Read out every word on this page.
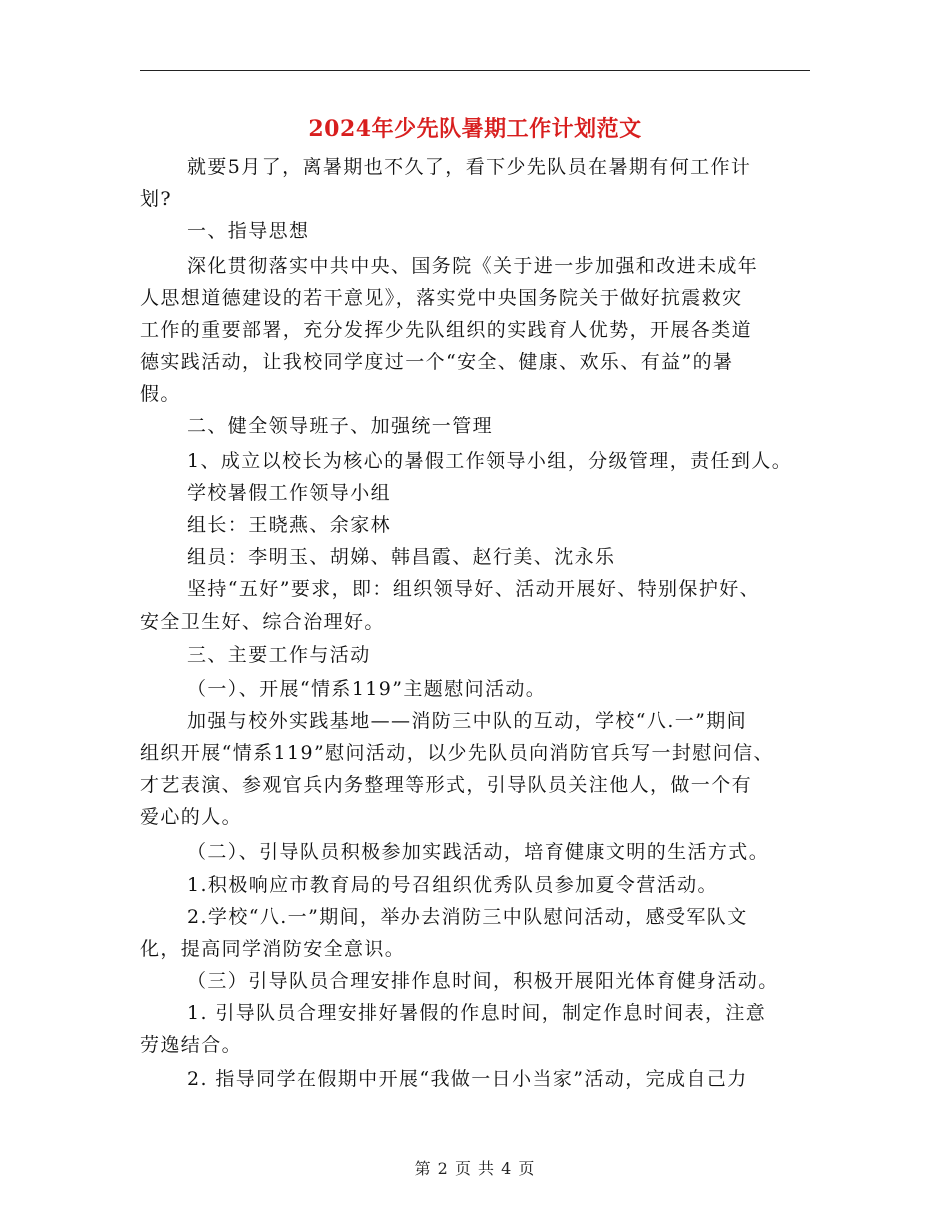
2024年少先队暑期工作计划范文
就要5月了，离暑期也不久了，看下少先队员在暑期有何工作计
划?
一、指导思想
深化贯彻落实中共中央、国务院《关于进一步加强和改进未成年
人思想道德建设的若干意见》，落实党中央国务院关于做好抗震救灾
工作的重要部署，充分发挥少先队组织的实践育人优势，开展各类道
德实践活动，让我校同学度过一个“安全、健康、欢乐、有益”的暑
假。
二、健全领导班子、加强统一管理
1、成立以校长为核心的暑假工作领导小组，分级管理，责任到人。
学校暑假工作领导小组
组长：王晓燕、余家林
组员：李明玉、胡娣、韩昌霞、赵行美、沈永乐
坚持“五好”要求，即：组织领导好、活动开展好、特别保护好、
安全卫生好、综合治理好。
三、主要工作与活动
（一）、开展“情系119”主题慰问活动。
加强与校外实践基地——消防三中队的互动，学校“八.一”期间
组织开展“情系119”慰问活动，以少先队员向消防官兵写一封慰问信、
才艺表演、参观官兵内务整理等形式，引导队员关注他人，做一个有
爱心的人。
（二）、引导队员积极参加实践活动，培育健康文明的生活方式。
1.积极响应市教育局的号召组织优秀队员参加夏令营活动。
2.学校“八.一”期间，举办去消防三中队慰问活动，感受军队文
化，提高同学消防安全意识。
（三）引导队员合理安排作息时间，积极开展阳光体育健身活动。
1. 引导队员合理安排好暑假的作息时间，制定作息时间表，注意
劳逸结合。
2. 指导同学在假期中开展“我做一日小当家”活动，完成自己力
第 2 页 共 4 页
